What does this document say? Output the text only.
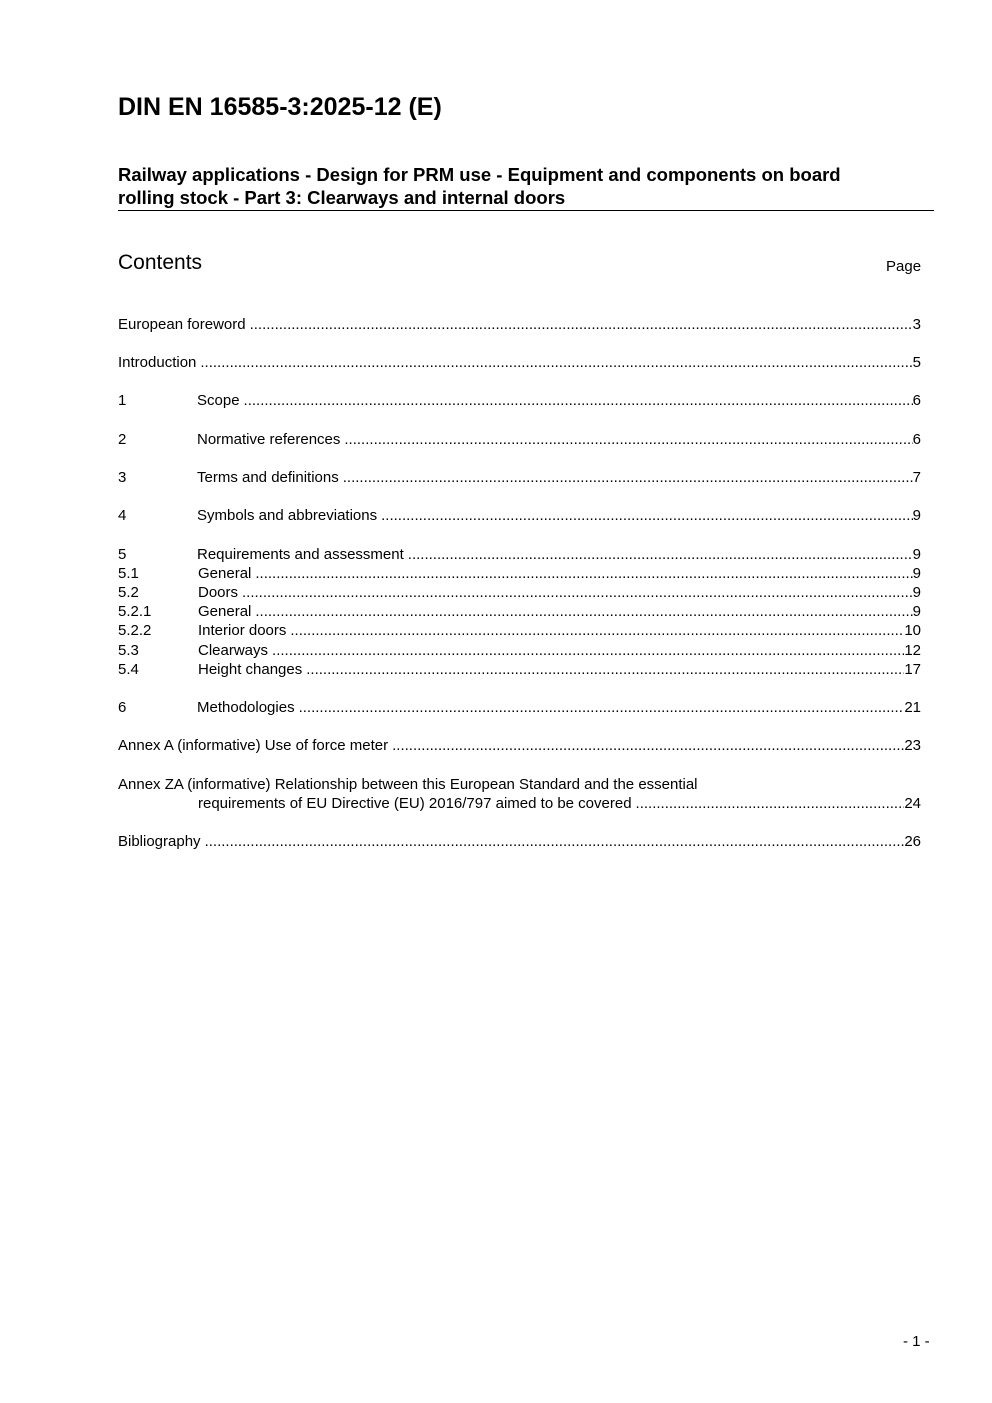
DIN EN 16585-3:2025-12 (E)
Railway applications - Design for PRM use - Equipment and components on board
rolling stock - Part 3: Clearways and internal doors
Contents	Page
European foreword .....	3
Introduction .....	5
1	Scope .....	6
2	Normative references .....	6
3	Terms and definitions .....	7
4	Symbols and abbreviations .....	9
5	Requirements and assessment .....	9
5.1	General .....	9
5.2	Doors .....	9
5.2.1	General .....	9
5.2.2	Interior doors .....	10
5.3	Clearways .....	12
5.4	Height changes .....	17
6	Methodologies .....	21
Annex A (informative) Use of force meter .....	23
Annex ZA (informative) Relationship between this European Standard and the essential
requirements of EU Directive (EU) 2016/797 aimed to be covered .....	24
Bibliography .....	26
- 1 -
